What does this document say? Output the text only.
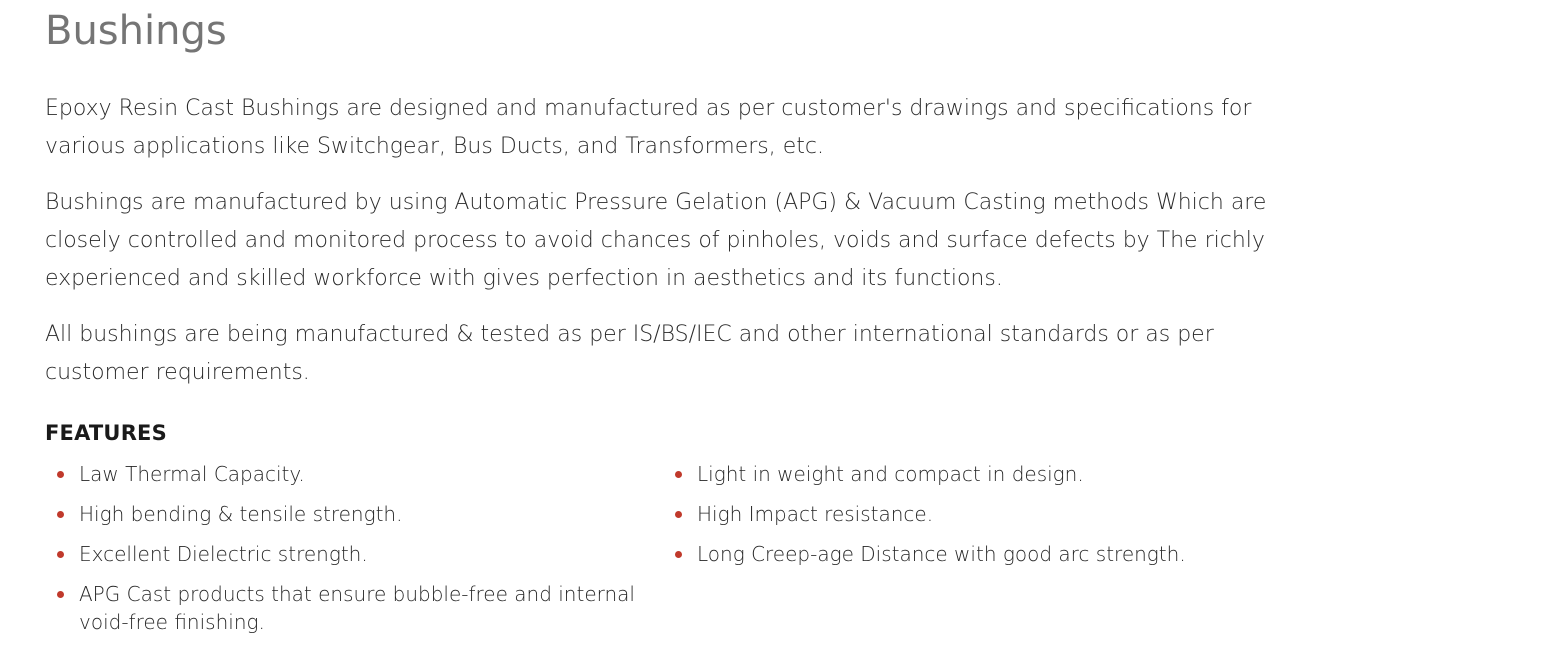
Bushings

Epoxy Resin Cast Bushings are designed and manufactured as per customer's drawings and specifications for various applications like Switchgear, Bus Ducts, and Transformers, etc.

Bushings are manufactured by using Automatic Pressure Gelation (APG) & Vacuum Casting methods Which are closely controlled and monitored process to avoid chances of pinholes, voids and surface defects by The richly experienced and skilled workforce with gives perfection in aesthetics and its functions.

All bushings are being manufactured & tested as per IS/BS/IEC and other international standards or as per customer requirements.

FEATURES
Law Thermal Capacity.
High bending & tensile strength.
Excellent Dielectric strength.
APG Cast products that ensure bubble-free and internal void-free finishing.
Light in weight and compact in design.
High Impact resistance.
Long Creep-age Distance with good arc strength.
